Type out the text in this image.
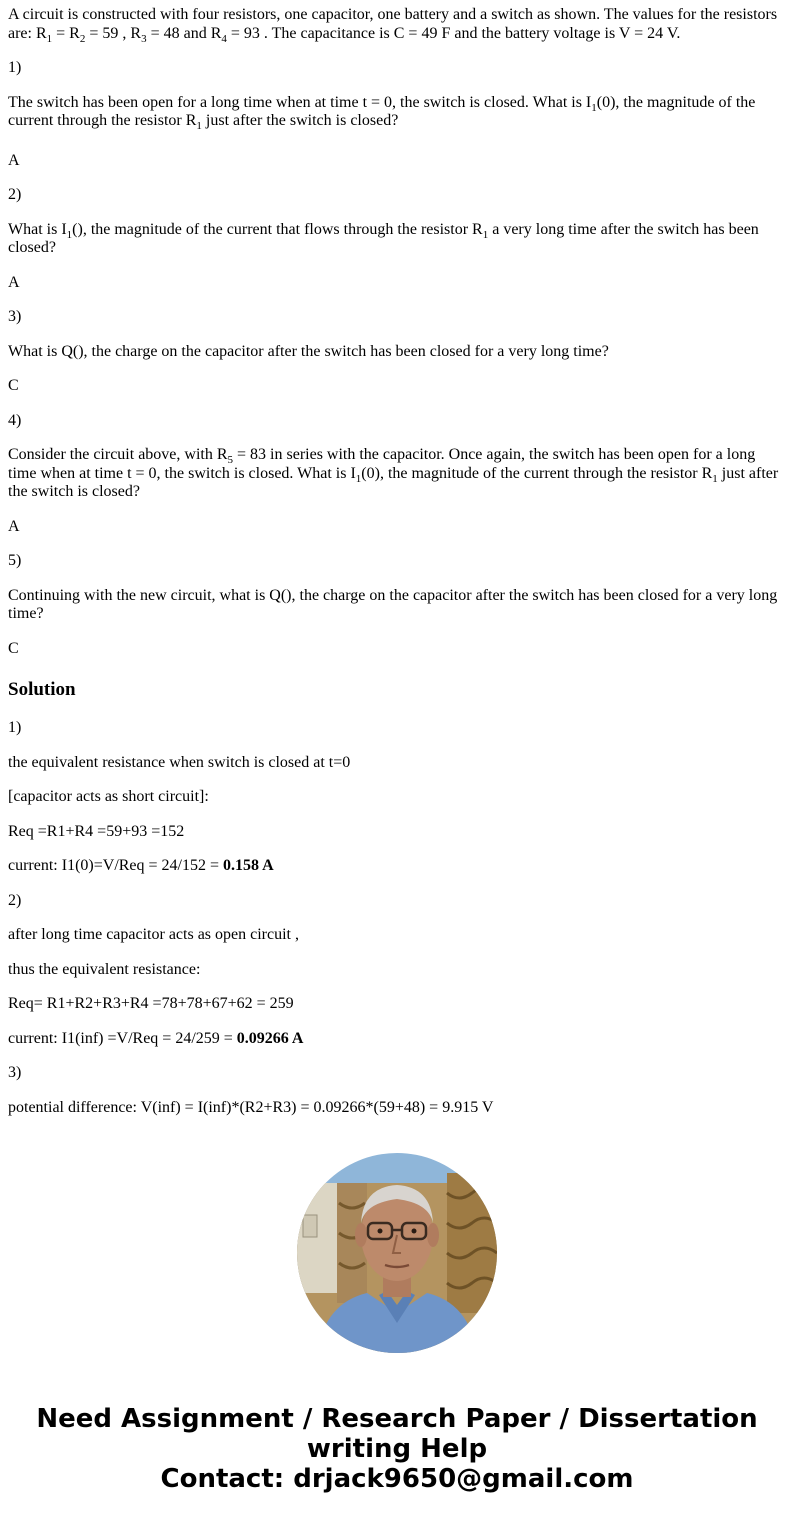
A circuit is constructed with four resistors, one capacitor, one battery and a switch as shown. The values for the resistors are: $R_1 = R_2 = 59$ , $R_3 = 48$ and $R_4 = 93$ . The capacitance is C = 49 F and the battery voltage is V = 24 V.

1)

The switch has been open for a long time when at time t = 0, the switch is closed. What is $I_1(0)$, the magnitude of the current through the resistor $R_1$ just after the switch is closed?

A

2)

What is $I_1()$, the magnitude of the current that flows through the resistor $R_1$ a very long time after the switch has been closed?

A

3)

What is Q(), the charge on the capacitor after the switch has been closed for a very long time?

C

4)

Consider the circuit above, with $R_5 = 83$ in series with the capacitor. Once again, the switch has been open for a long time when at time t = 0, the switch is closed. What is $I_1(0)$, the magnitude of the current through the resistor $R_1$ just after the switch is closed?

A

5)

Continuing with the new circuit, what is Q(), the charge on the capacitor after the switch has been closed for a very long time?

C

Solution

1)

the equivalent resistance when switch is closed at t=0

[capacitor acts as short circuit]:

Req =R1+R4 =59+93 =152

current: I1(0)=V/Req = 24/152 = 0.158 A

2)

after long time capacitor acts as open circuit ,

thus the equivalent resistance:

Req= R1+R2+R3+R4 =78+78+67+62 = 259

current: I1(inf) =V/Req = 24/259 = 0.09266 A

3)

potential difference: V(inf) = I(inf)*(R2+R3) = 0.09266*(59+48) = 9.915 V

Need Assignment / Research Paper / Dissertation
writing Help
Contact: drjack9650@gmail.com
